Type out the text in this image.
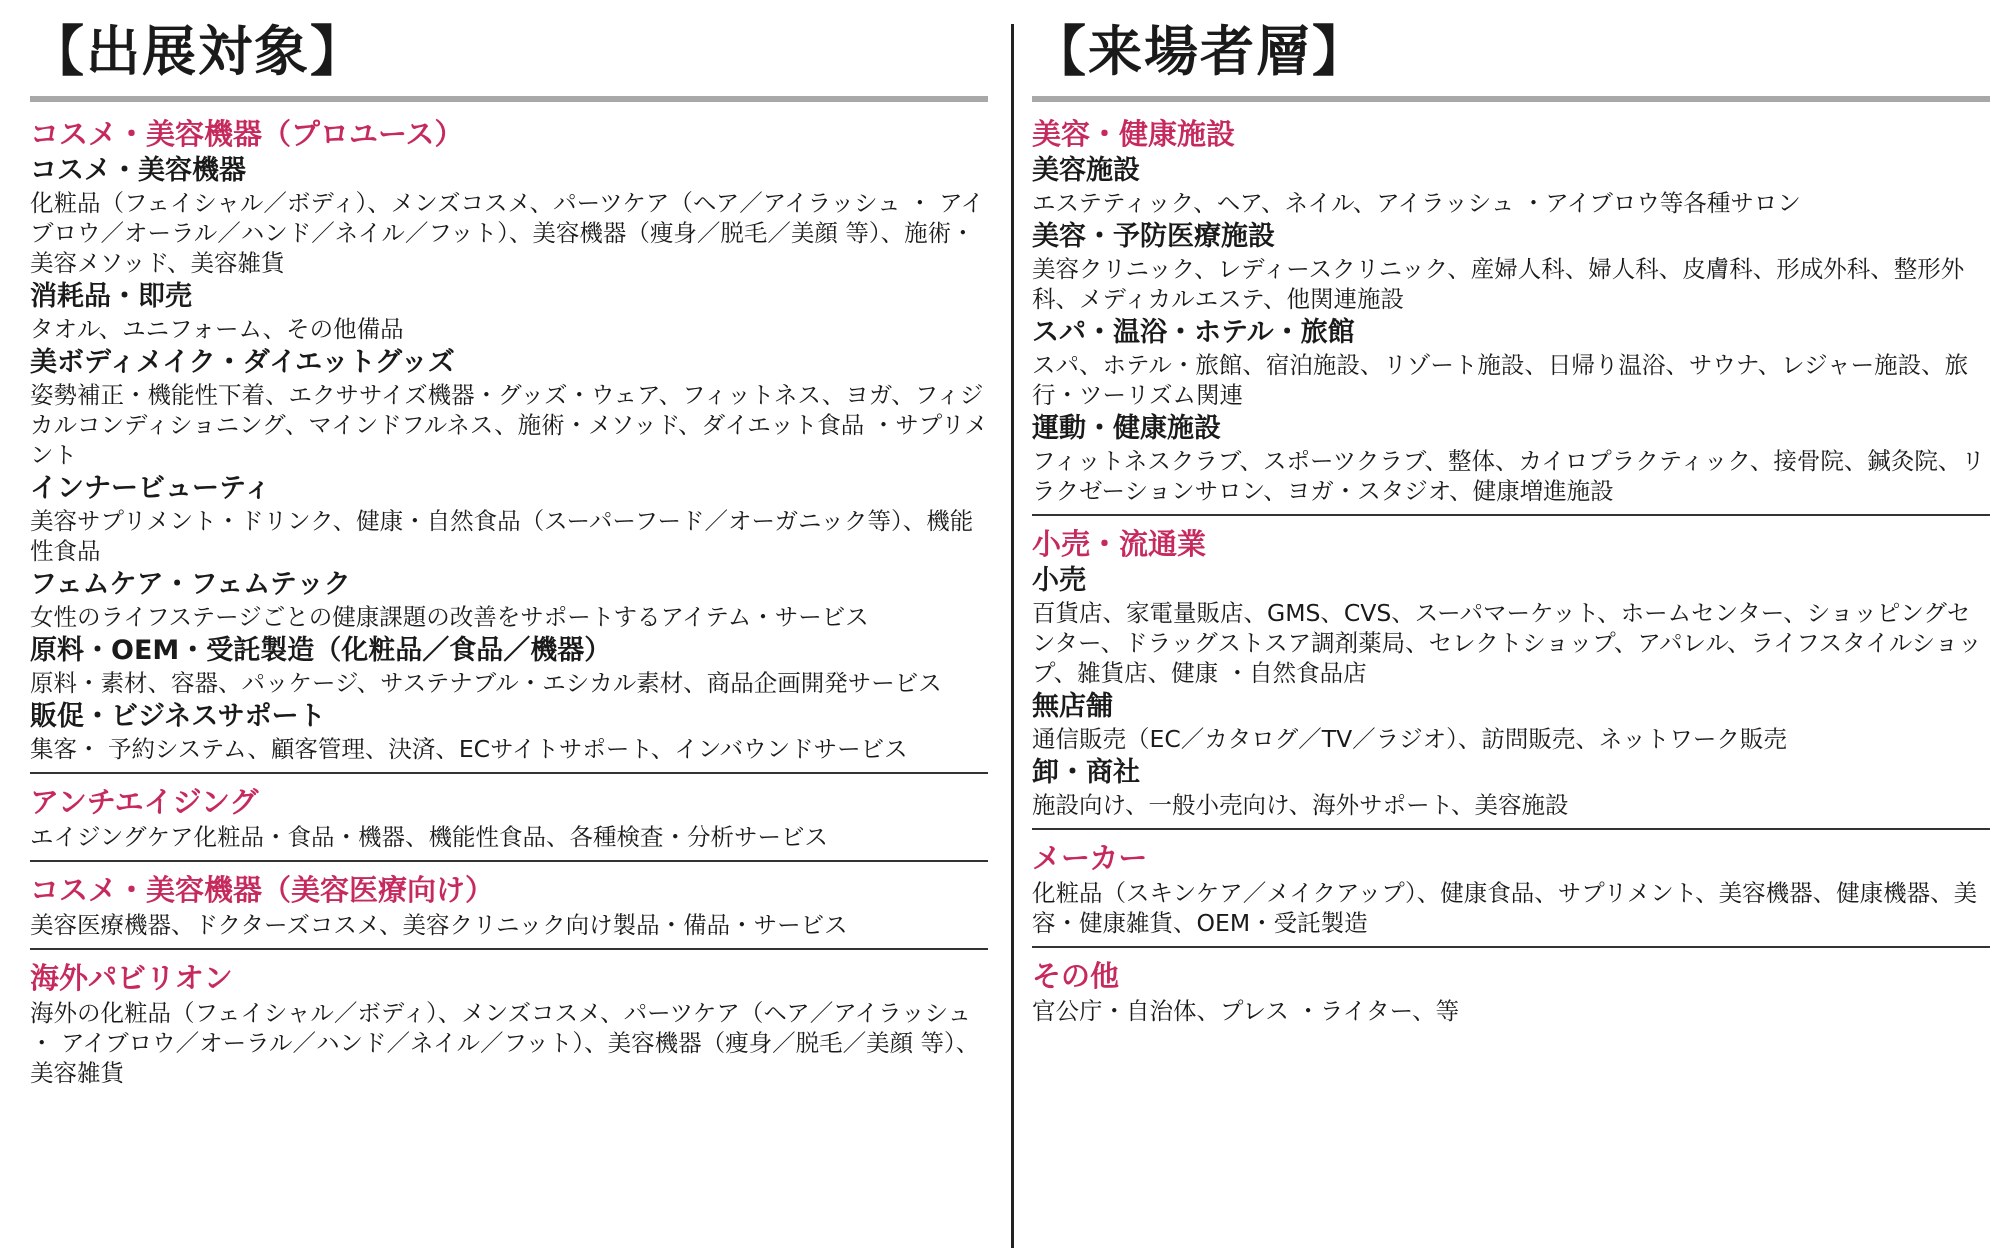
【出展対象】
コスメ・美容機器（プロユース）
コスメ・美容機器
化粧品（フェイシャル／ボディ）、メンズコスメ、パーツケア（ヘア／アイラッシュ ・ アイブロウ／オーラル／ハンド／ネイル／フット）、美容機器（痩身／脱毛／美顔 等）、施術・美容メソッド、美容雑貨
消耗品・即売
タオル、ユニフォーム、その他備品
美ボディメイク・ダイエットグッズ
姿勢補正・機能性下着、エクササイズ機器・グッズ・ウェア、フィットネス、ヨガ、フィジカルコンディショニング、マインドフルネス、施術・メソッド、ダイエット食品 ・サプリメント
インナービューティ
美容サプリメント・ドリンク、健康・自然食品（スーパーフード／オーガニック等）、機能性食品
フェムケア・フェムテック
女性のライフステージごとの健康課題の改善をサポートするアイテム・サービス
原料・OEM・受託製造（化粧品／食品／機器）
原料・素材、容器、パッケージ、サステナブル・エシカル素材、商品企画開発サービス
販促・ビジネスサポート
集客・ 予約システム、顧客管理、決済、ECサイトサポート、インバウンドサービス
アンチエイジング
エイジングケア化粧品・食品・機器、機能性食品、各種検査・分析サービス
コスメ・美容機器（美容医療向け）
美容医療機器、ドクターズコスメ、美容クリニック向け製品・備品・サービス
海外パビリオン
海外の化粧品（フェイシャル／ボディ）、メンズコスメ、パーツケア（ヘア／アイラッシュ ・ アイブロウ／オーラル／ハンド／ネイル／フット）、美容機器（痩身／脱毛／美顔 等）、美容雑貨
【来場者層】
美容・健康施設
美容施設
エステティック、ヘア、ネイル、アイラッシュ ・アイブロウ等各種サロン
美容・予防医療施設
美容クリニック、レディースクリニック、産婦人科、婦人科、皮膚科、形成外科、整形外科、メディカルエステ、他関連施設
スパ・温浴・ホテル・旅館
スパ、ホテル・旅館、宿泊施設、リゾート施設、日帰り温浴、サウナ、レジャー施設、旅行・ツーリズム関連
運動・健康施設
フィットネスクラブ、スポーツクラブ、整体、カイロプラクティック、接骨院、鍼灸院、リラクゼーションサロン、ヨガ・スタジオ、健康増進施設
小売・流通業
小売
百貨店、家電量販店、GMS、CVS、スーパマーケット、ホームセンター、ショッピングセンター、ドラッグストスア調剤薬局、セレクトショップ、アパレル、ライフスタイルショップ、雑貨店、健康 ・自然食品店
無店舗
通信販売（EC／カタログ／TV／ラジオ）、訪問販売、ネットワーク販売
卸・商社
施設向け、一般小売向け、海外サポート、美容施設
メーカー
化粧品（スキンケア／メイクアップ）、健康食品、サプリメント、美容機器、健康機器、美容・健康雑貨、OEM・受託製造
その他
官公庁・自治体、プレス ・ライター、等
